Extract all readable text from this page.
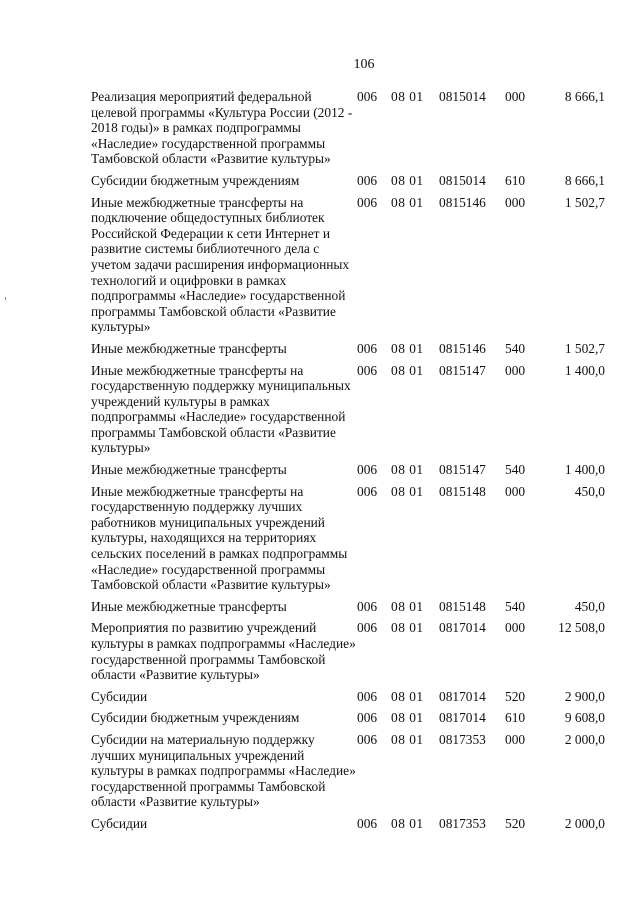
106
Реализация мероприятий федеральной целевой программы «Культура России (2012 - 2018 годы)» в рамках подпрограммы «Наследие» государственной программы Тамбовской области «Развитие культуры»	006	08 01	0815014	000	8 666,1
Субсидии бюджетным учреждениям	006	08 01	0815014	610	8 666,1
Иные межбюджетные трансферты на подключение общедоступных библиотек Российской Федерации к сети Интернет и развитие системы библиотечного дела с учетом задачи расширения информационных технологий и оцифровки в рамках подпрограммы «Наследие» государственной программы Тамбовской области «Развитие культуры»	006	08 01	0815146	000	1 502,7
Иные межбюджетные трансферты	006	08 01	0815146	540	1 502,7
Иные межбюджетные трансферты на государственную поддержку муниципальных учреждений культуры в рамках подпрограммы «Наследие» государственной программы Тамбовской области «Развитие культуры»	006	08 01	0815147	000	1 400,0
Иные межбюджетные трансферты	006	08 01	0815147	540	1 400,0
Иные межбюджетные трансферты на государственную поддержку лучших работников муниципальных учреждений культуры, находящихся на территориях сельских поселений в рамках подпрограммы «Наследие» государственной программы Тамбовской области «Развитие культуры»	006	08 01	0815148	000	450,0
Иные межбюджетные трансферты	006	08 01	0815148	540	450,0
Мероприятия по развитию учреждений культуры в рамках подпрограммы «Наследие» государственной программы Тамбовской области «Развитие культуры»	006	08 01	0817014	000	12 508,0
Субсидии	006	08 01	0817014	520	2 900,0
Субсидии бюджетным учреждениям	006	08 01	0817014	610	9 608,0
Субсидии на материальную поддержку лучших муниципальных учреждений культуры в рамках подпрограммы «Наследие» государственной программы Тамбовской области «Развитие культуры»	006	08 01	0817353	000	2 000,0
Субсидии	006	08 01	0817353	520	2 000,0
